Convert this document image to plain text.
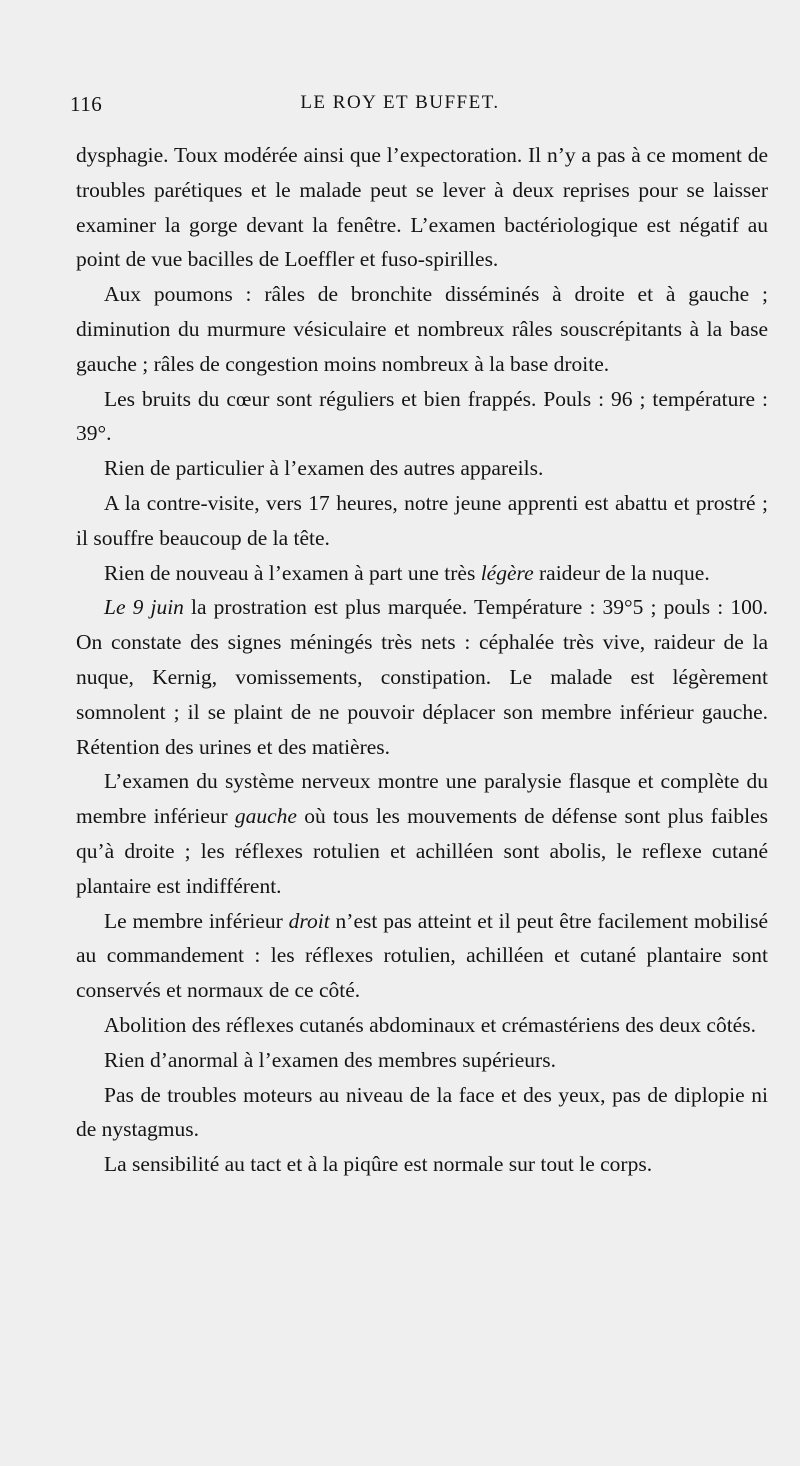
116	LE ROY ET BUFFET.

dysphagie. Toux modérée ainsi que l’expectoration. Il n’y a pas à ce moment de troubles parétiques et le malade peut se lever à deux reprises pour se laisser examiner la gorge devant la fenêtre. L’examen bactériologique est négatif au point de vue bacilles de Loeffler et fuso-spirilles.

Aux poumons : râles de bronchite disséminés à droite et à gauche ; diminution du murmure vésiculaire et nombreux râles souscrépitants à la base gauche ; râles de congestion moins nombreux à la base droite.

Les bruits du cœur sont réguliers et bien frappés. Pouls : 96 ; température : 39°.

Rien de particulier à l’examen des autres appareils.

A la contre-visite, vers 17 heures, notre jeune apprenti est abattu et prostré ; il souffre beaucoup de la tête.

Rien de nouveau à l’examen à part une très légère raideur de la nuque.

Le 9 juin la prostration est plus marquée. Température : 39°5 ; pouls : 100. On constate des signes méningés très nets : céphalée très vive, raideur de la nuque, Kernig, vomissements, constipation. Le malade est légèrement somnolent ; il se plaint de ne pouvoir déplacer son membre inférieur gauche. Rétention des urines et des matières.

L’examen du système nerveux montre une paralysie flasque et complète du membre inférieur gauche où tous les mouvements de défense sont plus faibles qu’à droite ; les réflexes rotulien et achilléen sont abolis, le reflexe cutané plantaire est indifférent.

Le membre inférieur droit n’est pas atteint et il peut être facilement mobilisé au commandement : les réflexes rotulien, achilléen et cutané plantaire sont conservés et normaux de ce côté.

Abolition des réflexes cutanés abdominaux et crémastériens des deux côtés.

Rien d’anormal à l’examen des membres supérieurs.

Pas de troubles moteurs au niveau de la face et des yeux, pas de diplopie ni de nystagmus.

La sensibilité au tact et à la piqûre est normale sur tout le corps.
